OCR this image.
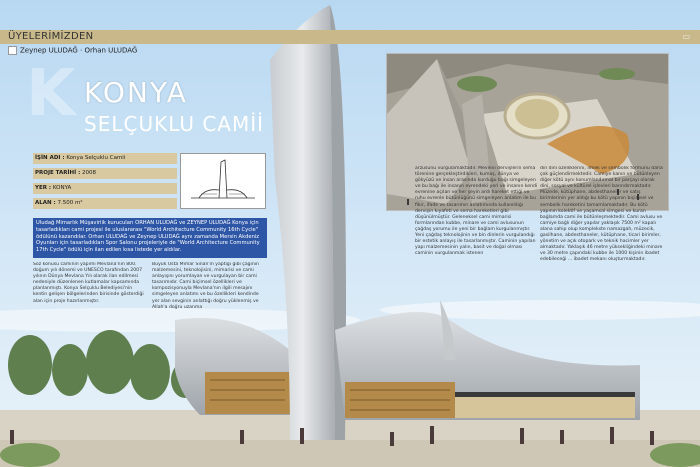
ÜYELERİMİZDEN	▭
Zeynep ULUDAĞ · Orhan ULUDAĞ
K KONYA
SELÇUKLU CAMİİ
İŞİN ADI : Konya Selçuklu Camii
PROJE TARİHİ : 2008
YER : KONYA
ALAN : 7.500 m²
Uludağ Mimarlık Müşavirlik kurucuları ORHAN ULUDAĞ ve ZEYNEP ULUDAĞ Konya için tasarladıkları cami projesi ile uluslararası "World Architecture Community 16th Cycle" ödülünü kazandılar. Orhan ULUDAĞ ve Zeynep ULUDAĞ aynı zamanda Mersin Akdeniz Oyunları için tasarladıkları Spor Salonu projeleriyle de "World Architecture Community 17th Cycle" ödülü için ilan edilen kısa listede yer aldılar.
Söz konusu caminin yapımı Mevlana'nın 800. doğum yılı dönemi ve UNESCO tarafından 2007 yılının Dünya Mevlana Yılı olarak ilan edilmesi nedeniyle düzenlenen kutlamalar kapsamında planlanmıştı. Konya Selçuklu Belediyesi'nin kentin gelişen bölgelerinden birisinde gösterdiği alan için proje hazırlanmıştır.
Büyük Usta Mimar Sinan'ın yaptığı gibi çağının malzemesini, teknolojisini, mimarisi ve cami anlayışını yorumlayan ve vurgulayan bir cami tasarımıdır. Cami biçimsel özellikleri ve kompozisyonuyla Mevlana'nın ilgili mesajını simgeleyen anlatımı ve bu özellikleri kendinde yer alan sevginin anlattığı doğru yüklenmiş ve Allah'a doğru uzanma
arzusunu vurgulamaktadır. Mevlevi dervişlerin sema törenine gerçekleştirdikleri, kumaş, dünya ve gökyüzü ve insan arasında kurduğu bağı simgeleyen ve bu bağı ile insanın evrendeki yeri ve insanın kendi evrenine açılan ve her şeyin ardı hareket ettiği ve ruhu evrenle bütünlüğünü simgeleyen anlatım ile bu fikir, ifade ve tasarımın anlatımında kullanıldığı dervişin kıyafeti ve sema hareketleri gibi düşünülmüştür. Geleneksel cami mimarisi formlarından kubbe, minare ve cami avlusunun çağdaş yorumu ile yeni bir bağlam kurgulanmıştır. Yeni çağdaş teknolojinin ve bin dinlerin vurgulandığı bir estetik anlayış ile tasarlanmıştır. Caminin yapılan yapı malzemesinin yalın, basit ve doğal olması caminin vurgulanmak istenen
din dini özelliklerini, ilmek ve sembolik formunu daha çok güçlendirmektedir. Camiye kanın ve bütünleyen diğer kötü aynı konumlandırmal bir parçayı olarak dini, sosyal ve kültürel işlevleri barındırmaktadır. Müzede, kütüphane, abdesthaneler ve satış birimlerinin yer aldığı bu kötü yapının biçimsel ve sembolik hareketini tamamlamaktadır. Bu kötü yapının kolektif ve yaşamsal simgesi ve kuran bağlamda cami ile bütünleşmektedir. Cami avlusu ve camiye bağlı diğer yapılar yaklaşık 7500 m² kapalı alana sahip olup komplekste namazgah, müzecik, gasilhane, abdesthaneler, kütüphane, ticari birimler, yönetim ve açık otopark ve teknik hacimler yer almaktadır. Yaklaşık 46 metre yüksekliğindeki minare ve 30 metre çapındaki kubbe ile 1000 kişinin ibadet edebileceği ... ibadet mekanı oluşturmaktadır.
